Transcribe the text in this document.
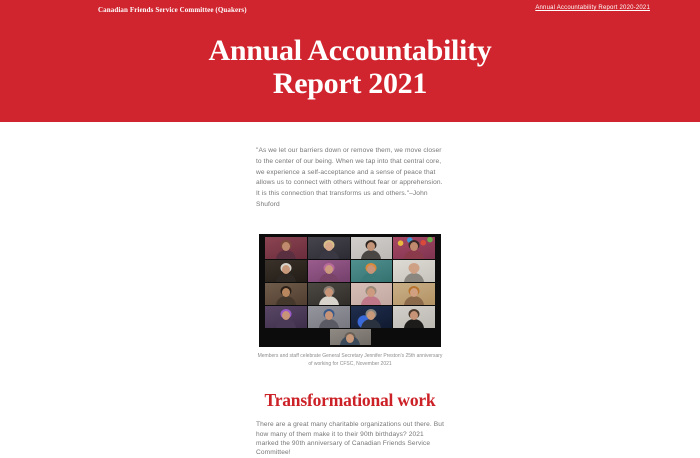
Canadian Friends Service Committee (Quakers)	Annual Accountability Report 2020-2021
Annual Accountability
Report 2021

"As we let our barriers down or remove them, we move closer to the center of our being. When we tap into that central core, we experience a self-acceptance and a sense of peace that allows us to connect with others without fear or apprehension. It is this connection that transforms us and others."–John Shuford

Members and staff celebrate General Secretary Jennifer Preston's 25th anniversary of working for CFSC, November 2021
Transformational work

There are a great many charitable organizations out there. But how many of them make it to their 90th birthdays? 2021 marked the 90th anniversary of Canadian Friends Service Committee!
